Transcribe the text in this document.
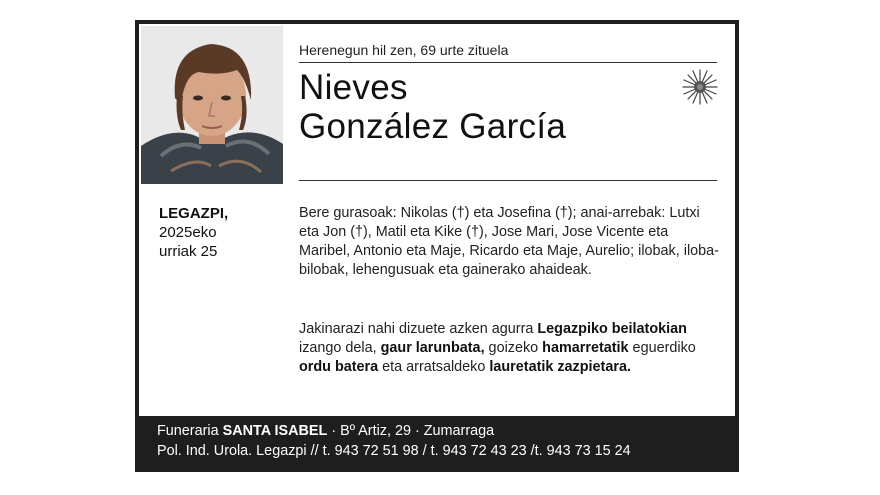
Herenegun hil zen, 69 urte zituela
Nieves
González García
LEGAZPI,
2025eko
urriak 25
Bere gurasoak: Nikolas (†) eta Josefina (†); anai-arrebak: Lutxi eta Jon (†), Matil eta Kike (†), Jose Mari, Jose Vicente eta Maribel, Antonio eta Maje, Ricardo eta Maje, Aurelio; ilobak, iloba-bilobak, lehengusuak eta gainerako ahaideak.
Jakinarazi nahi dizuete azken agurra Legazpiko beilatokian izango dela, gaur larunbata, goizeko hamarretatik eguerdiko ordu batera eta arratsaldeko lauretatik zazpietara.
Funeraria SANTA ISABEL · Bº Artiz, 29 · Zumarraga
Pol. Ind. Urola. Legazpi // t. 943 72 51 98 / t. 943 72 43 23 /t. 943 73 15 24
